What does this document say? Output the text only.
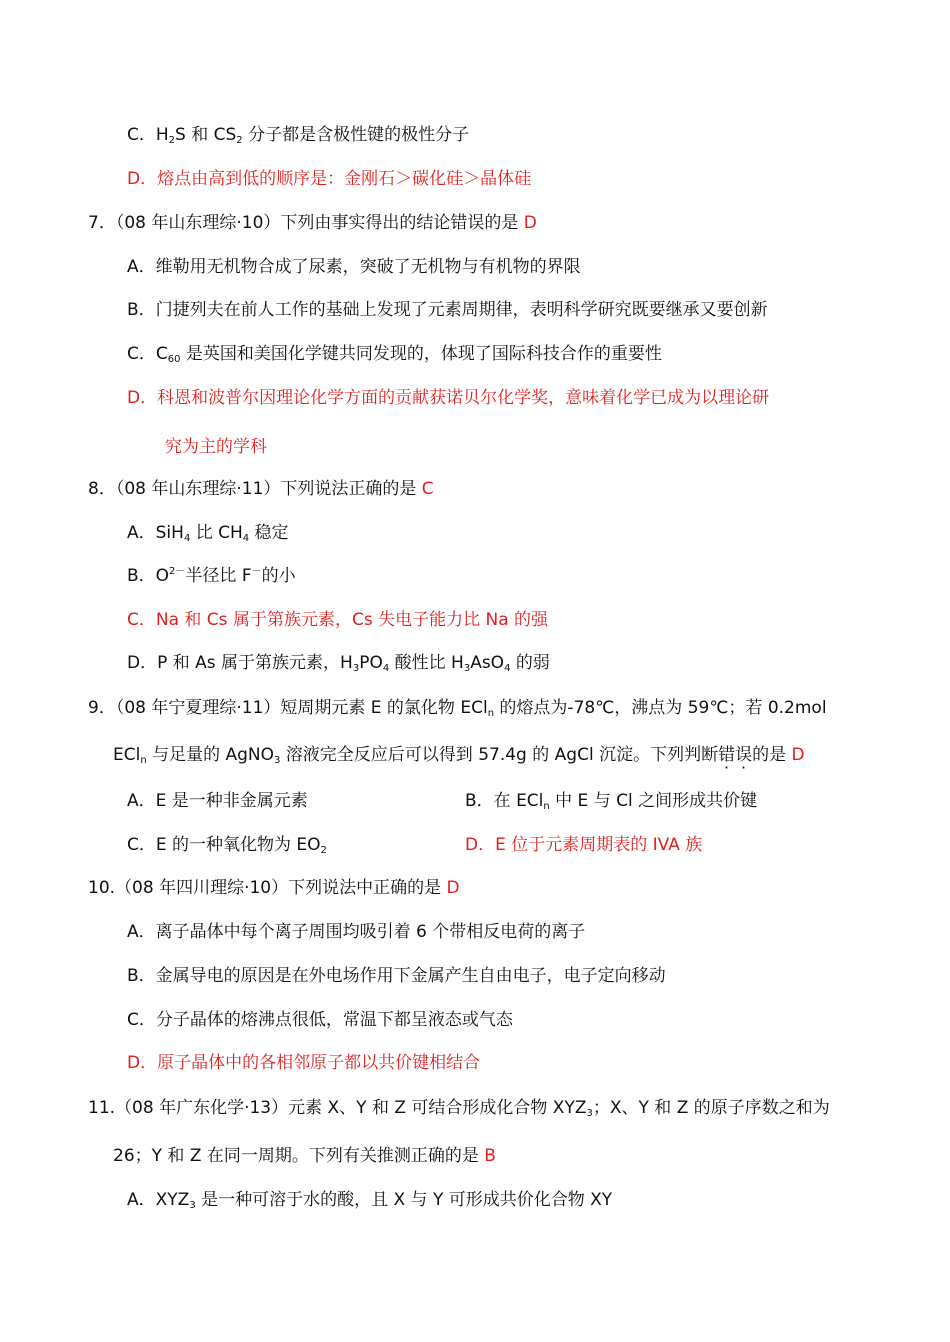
C．$H_2S$ 和 $CS_2$ 分子都是含极性键的极性分子
D．熔点由高到低的顺序是：金刚石＞碳化硅＞晶体硅
7．（08 年山东理综·10）下列由事实得出的结论错误的是 D
A．维勒用无机物合成了尿素，突破了无机物与有机物的界限
B．门捷列夫在前人工作的基础上发现了元素周期律，表明科学研究既要继承又要创新
C．$C_{60}$ 是英国和美国化学键共同发现的，体现了国际科技合作的重要性
D．科恩和波普尔因理论化学方面的贡献获诺贝尔化学奖，意味着化学已成为以理论研
究为主的学科
8．（08 年山东理综·11）下列说法正确的是 C
A．SiH$_4$ 比 $CH_4$ 稳定
B．$O^{2-}$半径比 F－的小
C．Na 和 Cs 属于第族元素，Cs 失电子能力比 Na 的强
D．P 和 As 属于第族元素，$H_3PO_4$ 酸性比 $H_3AsO_4$ 的弱
9．（08 年宁夏理综·11）短周期元素 E 的氯化物 ECl$_n$ 的熔点为-78℃，沸点为 59℃；若 0.2mol
ECl$_n$ 与足量的 AgNO$_3$ 溶液完全反应后可以得到 57.4g 的 AgCl 沉淀。下列判断错误的是 D
A．E 是一种非金属元素	B．在 ECl$_n$ 中 E 与 Cl 之间形成共价键
C．E 的一种氧化物为 $EO_2$	D．E 位于元素周期表的 IVA 族
10.（08 年四川理综·10）下列说法中正确的是 D
A．离子晶体中每个离子周围均吸引着 6 个带相反电荷的离子
B．金属导电的原因是在外电场作用下金属产生自由电子，电子定向移动
C．分子晶体的熔沸点很低，常温下都呈液态或气态
D．原子晶体中的各相邻原子都以共价键相结合
11.（08 年广东化学·13）元素 X、Y 和 Z 可结合形成化合物 $XYZ_3$；X、Y 和 Z 的原子序数之和为
26；Y 和 Z 在同一周期。下列有关推测正确的是 B
A．$XYZ_3$ 是一种可溶于水的酸，且 X 与 Y 可形成共价化合物 XY
